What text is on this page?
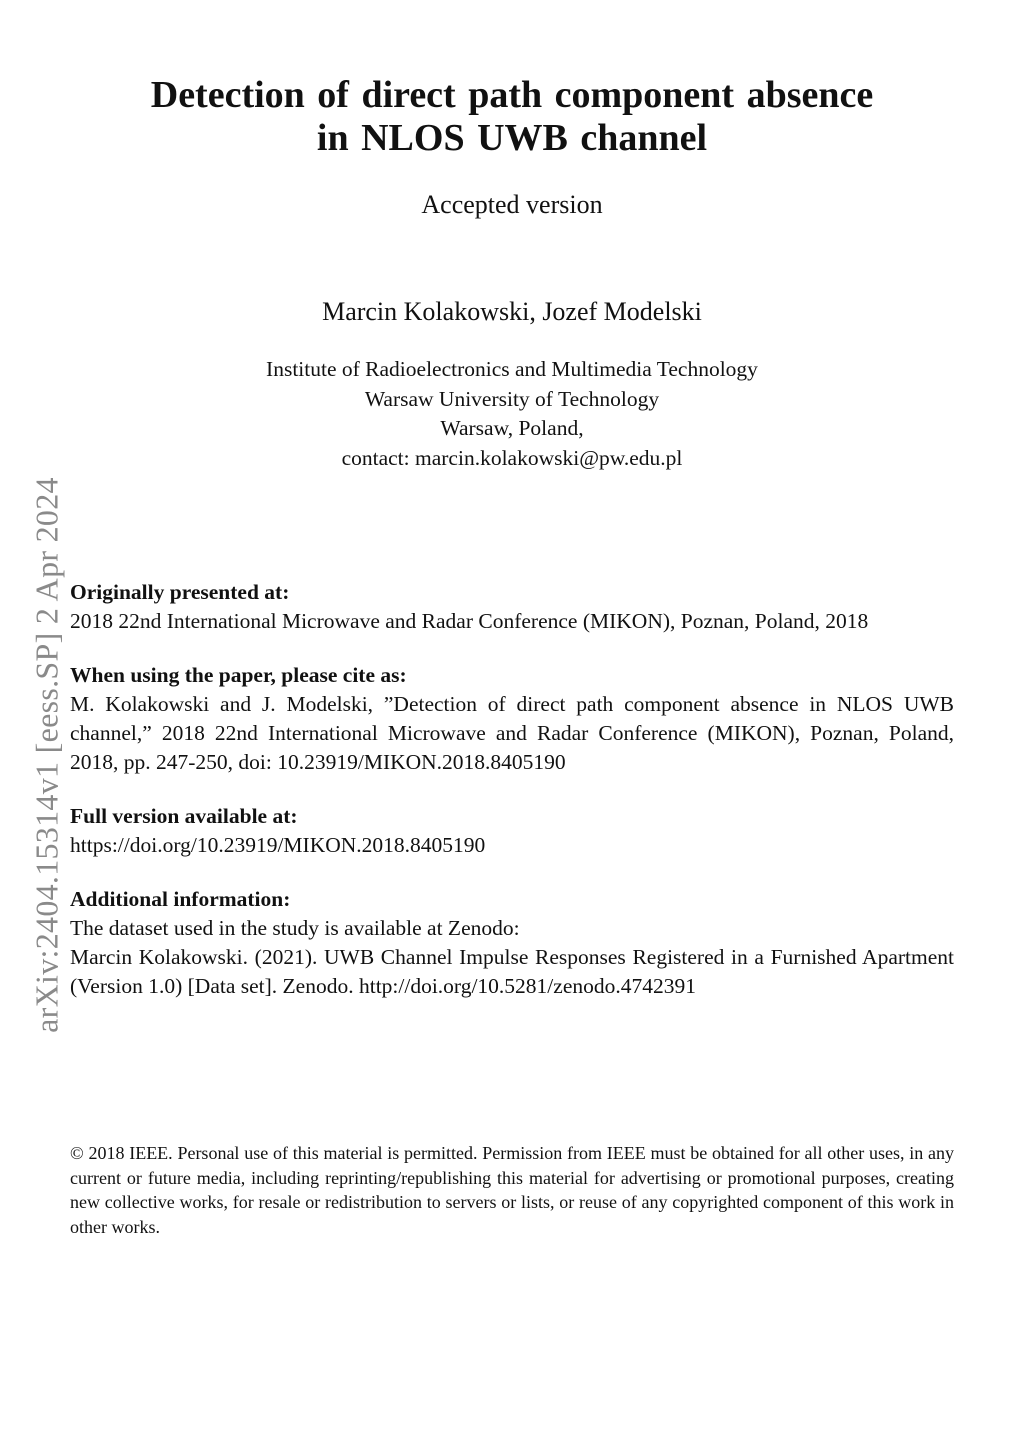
Detection of direct path component absence
in NLOS UWB channel
Accepted version
Marcin Kolakowski, Jozef Modelski
Institute of Radioelectronics and Multimedia Technology
Warsaw University of Technology
Warsaw, Poland,
contact: marcin.kolakowski@pw.edu.pl
Originally presented at:
2018 22nd International Microwave and Radar Conference (MIKON), Poznan, Poland, 2018
When using the paper, please cite as:
M. Kolakowski and J. Modelski, ”Detection of direct path component absence in NLOS UWB channel,” 2018 22nd International Microwave and Radar Conference (MIKON), Poznan, Poland, 2018, pp. 247-250, doi: 10.23919/MIKON.2018.8405190
Full version available at:
https://doi.org/10.23919/MIKON.2018.8405190
Additional information:
The dataset used in the study is available at Zenodo:
Marcin Kolakowski. (2021). UWB Channel Impulse Responses Registered in a Furnished Apartment (Version 1.0) [Data set]. Zenodo. http://doi.org/10.5281/zenodo.4742391
© 2018 IEEE. Personal use of this material is permitted. Permission from IEEE must be obtained for all other uses, in any current or future media, including reprinting/republishing this material for advertising or promotional purposes, creating new collective works, for resale or redistribution to servers or lists, or reuse of any copyrighted component of this work in other works.
arXiv:2404.15314v1 [eess.SP] 2 Apr 2024
